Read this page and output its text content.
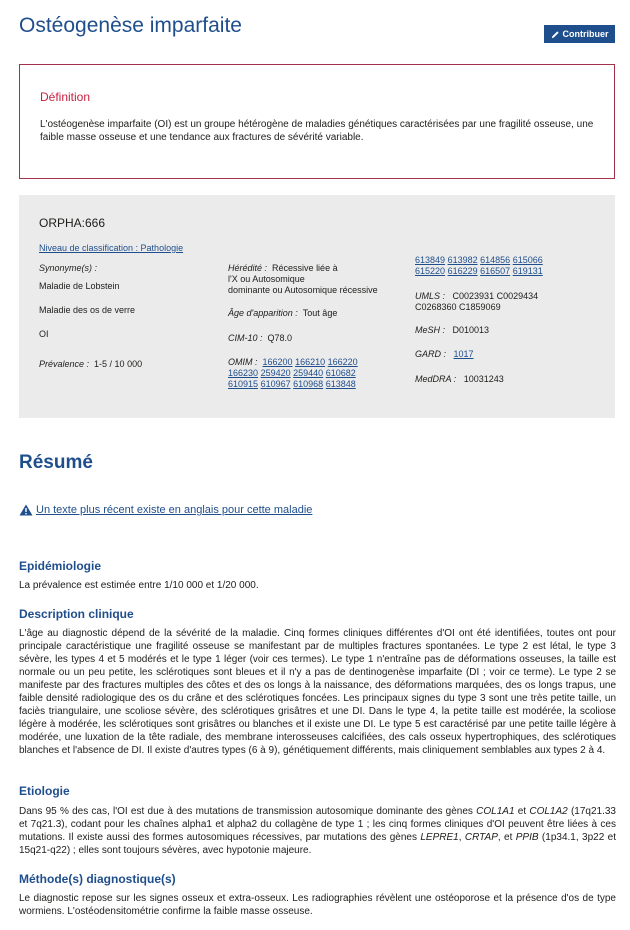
Ostéogenèse imparfaite	Contribuer
Définition
L'ostéogenèse imparfaite (OI) est un groupe hétérogène de maladies génétiques caractérisées par une fragilité osseuse, une faible masse osseuse et une tendance aux fractures de sévérité variable.
ORPHA:666
Niveau de classification : Pathologie
Synonyme(s) :
Maladie de Lobstein
Maladie des os de verre
OI
Prévalence : 1-5 / 10 000
Hérédité : Récessive liée à
l'X ou Autosomique
dominante ou Autosomique récessive
Âge d'apparition : Tout âge
CIM-10 : Q78.0
OMIM : 166200 166210 166220
166230 259420 259440 610682
610915 610967 610968 613848
613849 613982 614856 615066
615220 616229 616507 619131
UMLS : C0023931 C0029434
C0268360 C1859069
MeSH : D010013
GARD : 1017
MedDRA : 10031243
Résumé
Un texte plus récent existe en anglais pour cette maladie
Epidémiologie

La prévalence est estimée entre 1/10 000 et 1/20 000.

Description clinique

L'âge au diagnostic dépend de la sévérité de la maladie. Cinq formes cliniques différentes d'OI ont été identifiées, toutes ont pour principale caractéristique une fragilité osseuse se manifestant par de multiples fractures spontanées. Le type 2 est létal, le type 3 sévère, les types 4 et 5 modérés et le type 1 léger (voir ces termes). Le type 1 n'entraîne pas de déformations osseuses, la taille est normale ou un peu petite, les sclérotiques sont bleues et il n'y a pas de dentinogenèse imparfaite (DI ; voir ce terme). Le type 2 se manifeste par des fractures multiples des côtes et des os longs à la naissance, des déformations marquées, des os longs trapus, une faible densité radiologique des os du crâne et des sclérotiques foncées. Les principaux signes du type 3 sont une très petite taille, un faciès triangulaire, une scoliose sévère, des sclérotiques grisâtres et une DI. Dans le type 4, la petite taille est modérée, la scoliose légère à modérée, les sclérotiques sont grisâtres ou blanches et il existe une DI. Le type 5 est caractérisé par une petite taille légère à modérée, une luxation de la tête radiale, des membrane interosseuses calcifiées, des cals osseux hypertrophiques, des sclérotiques blanches et l'absence de DI. Il existe d'autres types (6 à 9), génétiquement différents, mais cliniquement semblables aux types 2 à 4.

Etiologie

Dans 95 % des cas, l'OI est due à des mutations de transmission autosomique dominante des gènes COL1A1 et COL1A2 (17q21.33 et 7q21.3), codant pour les chaînes alpha1 et alpha2 du collagène de type 1 ; les cinq formes cliniques d'OI peuvent être liées à ces mutations. Il existe aussi des formes autosomiques récessives, par mutations des gènes LEPRE1, CRTAP, et PPIB (1p34.1, 3p22 et 15q21-q22) ; elles sont toujours sévères, avec hypotonie majeure.

Méthode(s) diagnostique(s)

Le diagnostic repose sur les signes osseux et extra-osseux. Les radiographies révèlent une ostéoporose et la présence d'os de type wormiens. L'ostéodensitométrie confirme la faible masse osseuse.
